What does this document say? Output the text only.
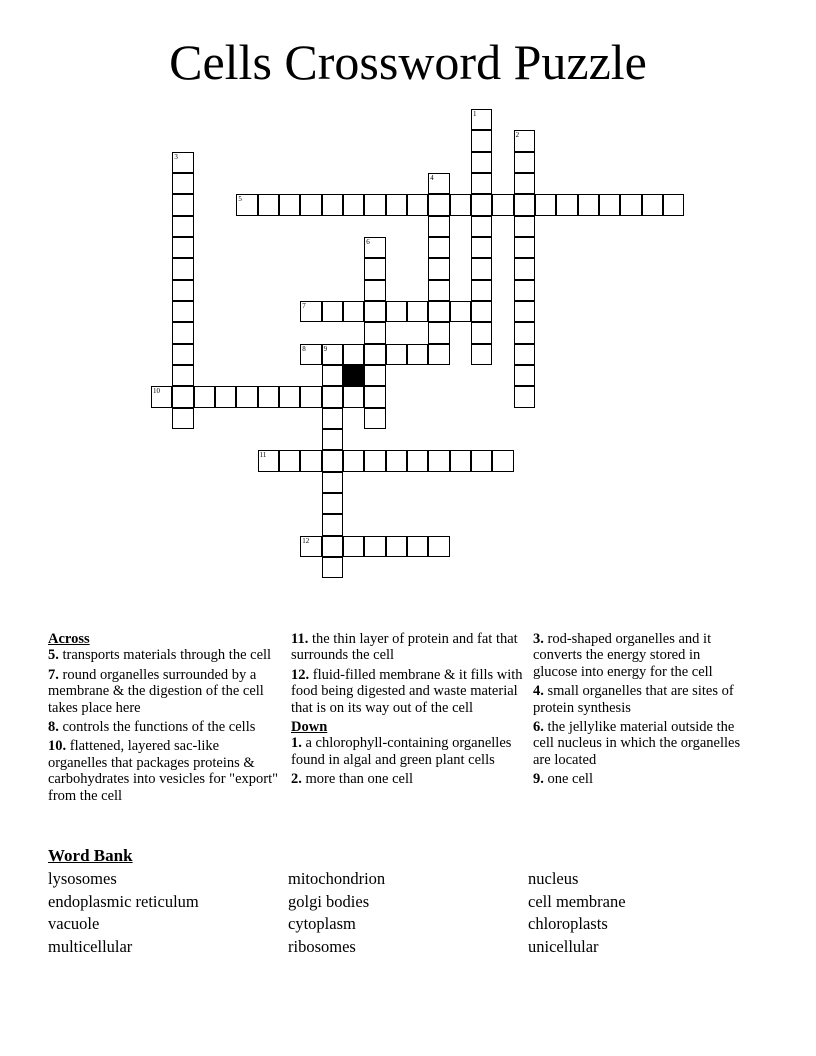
Cells Crossword Puzzle
1
2
3
4
5
6
7
8	9
10
11
12
Across
5. transports materials through the cell
7. round organelles surrounded by a membrane & the digestion of the cell takes place here
8. controls the functions of the cells
10. flattened, layered sac-like organelles that packages proteins & carbohydrates into vesicles for "export" from the cell
11. the thin layer of protein and fat that surrounds the cell
12. fluid-filled membrane & it fills with food being digested and waste material that is on its way out of the cell
Down
1. a chlorophyll-containing organelles found in algal and green plant cells
2. more than one cell
3. rod-shaped organelles and it converts the energy stored in glucose into energy for the cell
4. small organelles that are sites of protein synthesis
6. the jellylike material outside the cell nucleus in which the organelles are located
9. one cell
Word Bank
lysosomes
endoplasmic reticulum
vacuole
multicellular
mitochondrion
golgi bodies
cytoplasm
ribosomes
nucleus
cell membrane
chloroplasts
unicellular
